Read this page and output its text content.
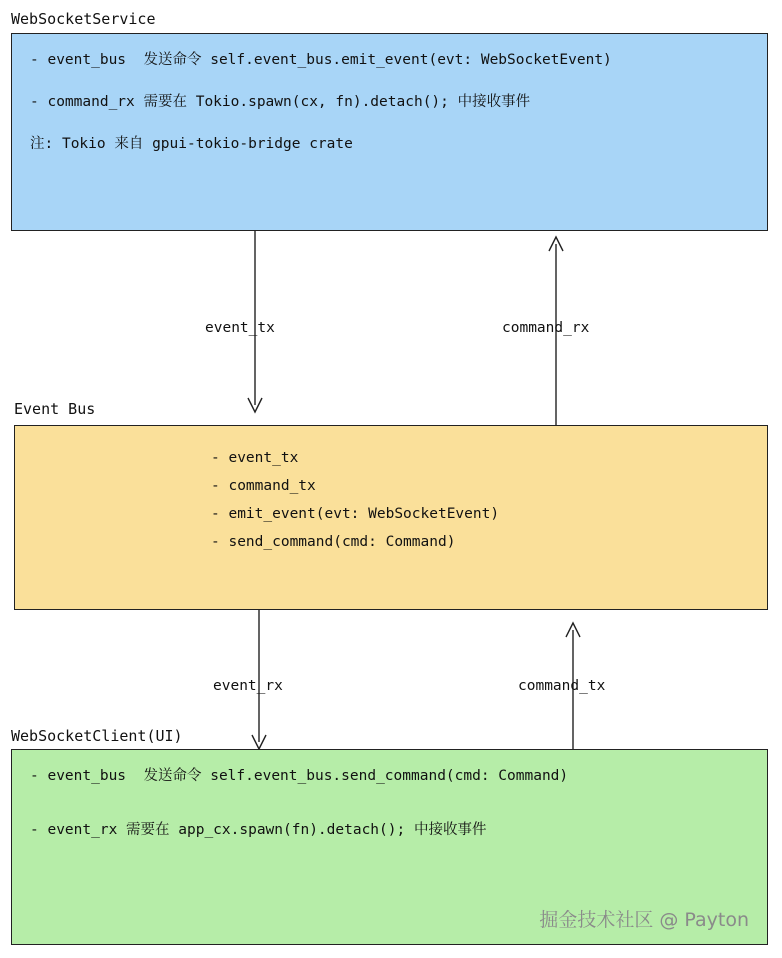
WebSocketService
- event_bus  发送命令 self.event_bus.emit_event(evt: WebSocketEvent)
- command_rx 需要在 Tokio.spawn(cx, fn).detach(); 中接收事件
注: Tokio 来自 gpui-tokio-bridge crate
event_tx	command_rx
Event Bus
- event_tx
- command_tx
- emit_event(evt: WebSocketEvent)
- send_command(cmd: Command)
event_rx	command_tx
WebSocketClient(UI)
- event_bus  发送命令 self.event_bus.send_command(cmd: Command)
- event_rx 需要在 app_cx.spawn(fn).detach(); 中接收事件
掘金技术社区 @ Payton
